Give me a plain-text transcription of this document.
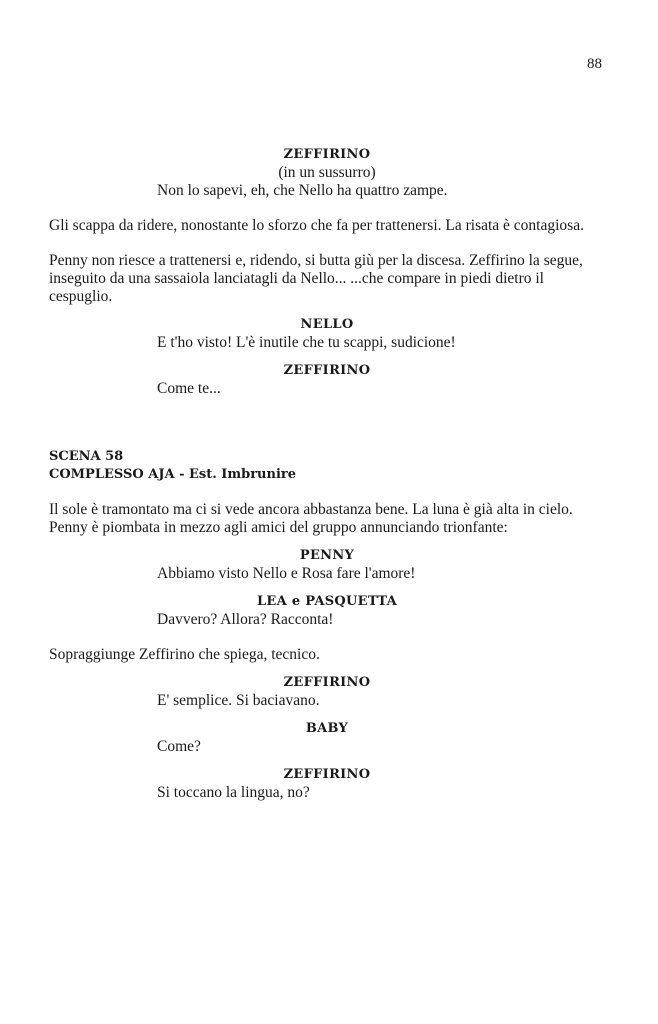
88
ZEFFIRINO
(in un sussurro)
Non lo sapevi, eh, che Nello ha quattro zampe.
Gli scappa da ridere, nonostante lo sforzo che fa per trattenersi. La risata è contagiosa.
Penny non riesce a trattenersi e, ridendo, si butta giù per la discesa. Zeffirino la segue, inseguito da una sassaiola lanciatagli da Nello... ...che compare in piedi dietro il cespuglio.
NELLO
E t'ho visto! L'è inutile che tu scappi, sudicione!
ZEFFIRINO
Come te...
SCENA 58
COMPLESSO AJA - Est. Imbrunire
Il sole è tramontato ma ci si vede ancora abbastanza bene. La luna è già alta in cielo. Penny è piombata in mezzo agli amici del gruppo annunciando trionfante:
PENNY
Abbiamo visto Nello e Rosa fare l'amore!
LEA e PASQUETTA
Davvero? Allora? Racconta!
Sopraggiunge Zeffirino che spiega, tecnico.
ZEFFIRINO
E' semplice. Si baciavano.
BABY
Come?
ZEFFIRINO
Si toccano la lingua, no?
